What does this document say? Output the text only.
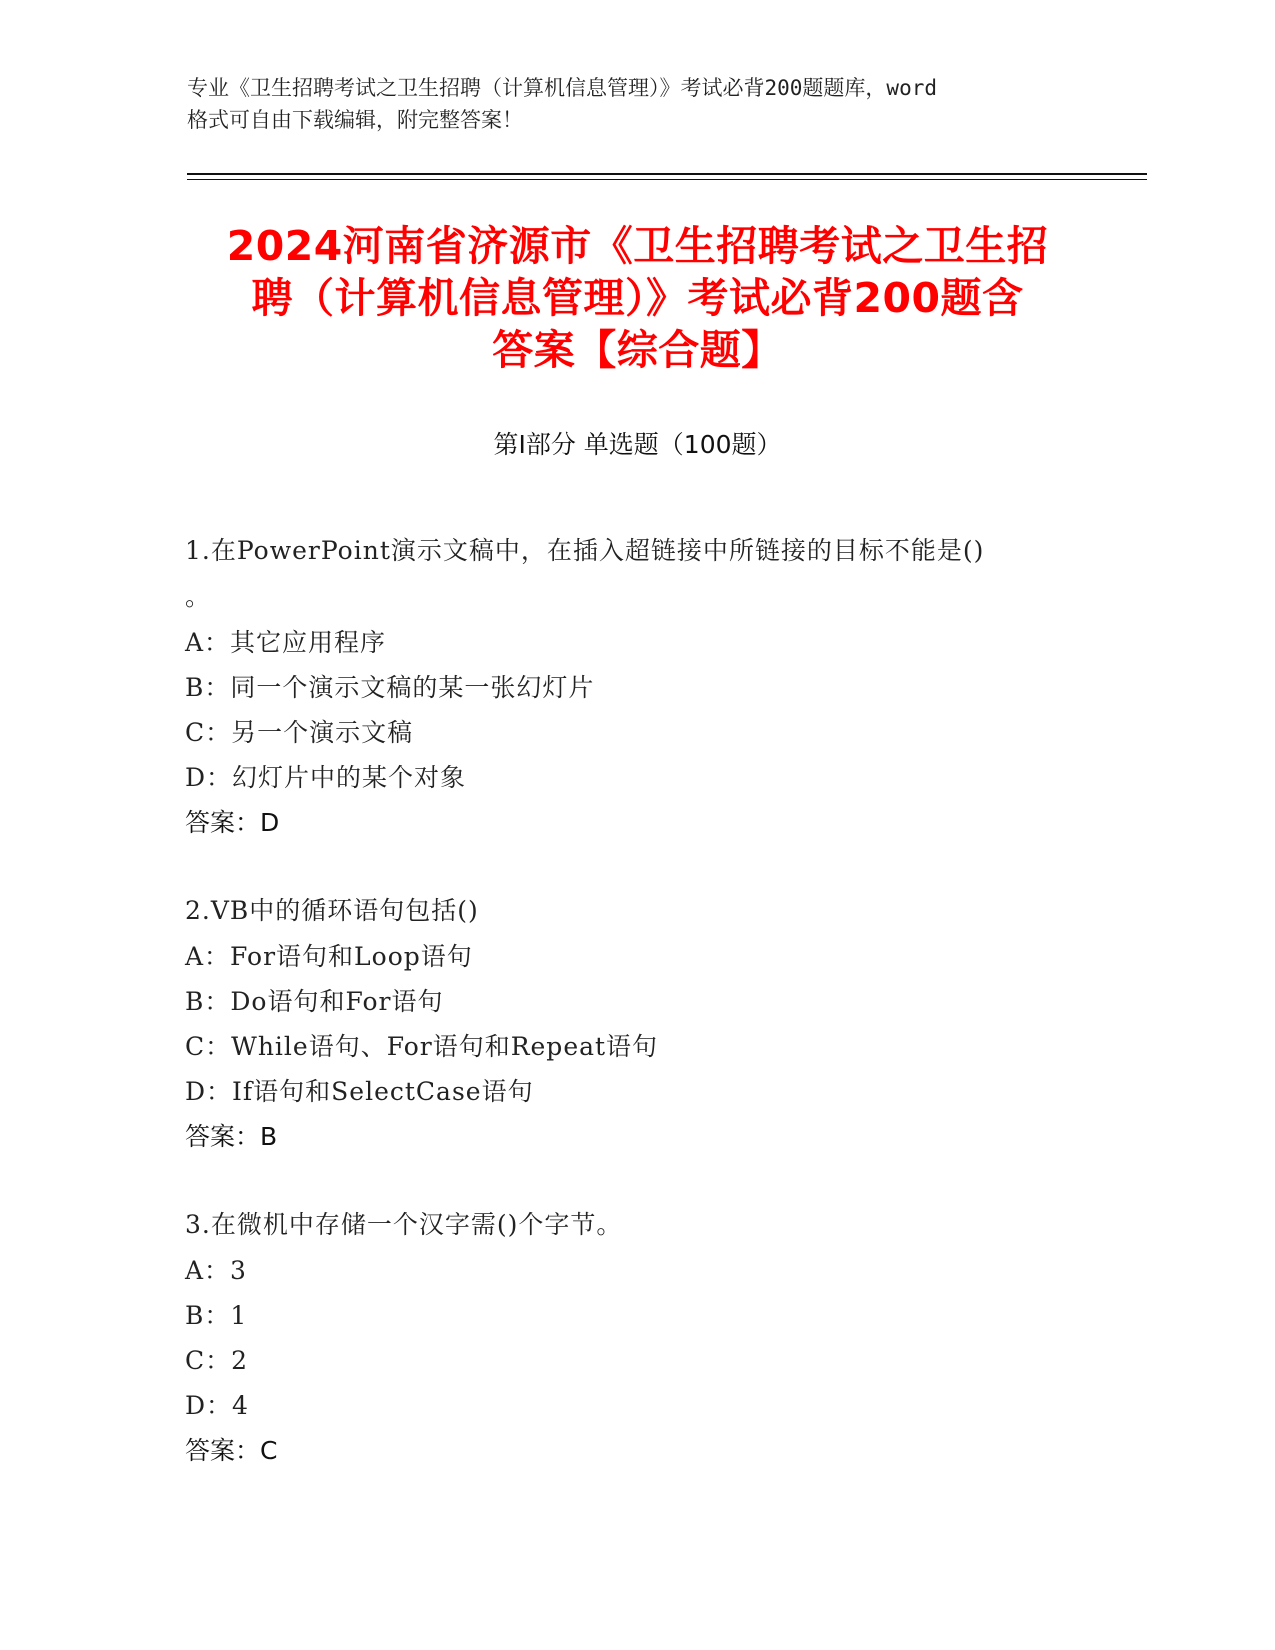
专业《卫生招聘考试之卫生招聘（计算机信息管理）》考试必背200题题库，word
格式可自由下载编辑，附完整答案！
2024河南省济源市《卫生招聘考试之卫生招
聘（计算机信息管理）》考试必背200题含
答案【综合题】
第Ⅰ部分 单选题（100题）
1.在PowerPoint演示文稿中，在插入超链接中所链接的目标不能是()
。
A：其它应用程序
B：同一个演示文稿的某一张幻灯片
C：另一个演示文稿
D：幻灯片中的某个对象
答案：D
2.VB中的循环语句包括()
A：For语句和Loop语句
B：Do语句和For语句
C：While语句、For语句和Repeat语句
D：If语句和SelectCase语句
答案：B
3.在微机中存储一个汉字需()个字节。
A：3
B：1
C：2
D：4
答案：C
